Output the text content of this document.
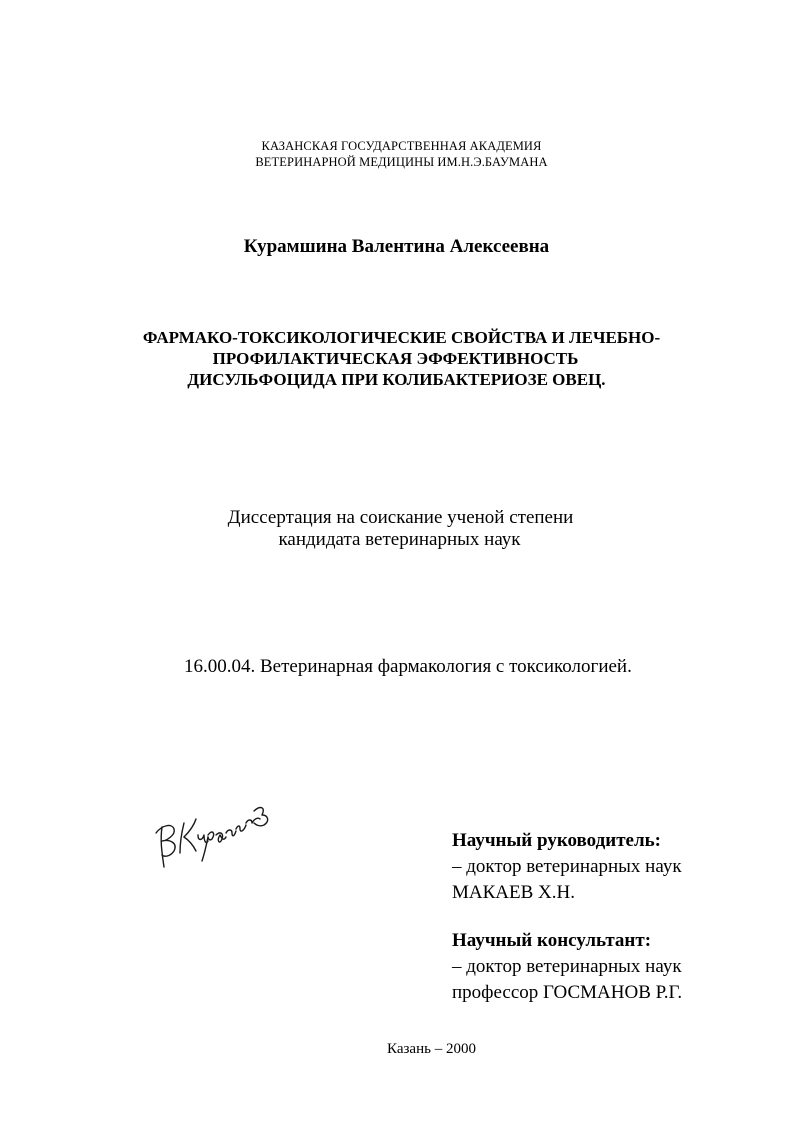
КАЗАНСКАЯ ГОСУДАРСТВЕННАЯ АКАДЕМИЯ
ВЕТЕРИНАРНОЙ МЕДИЦИНЫ ИМ.Н.Э.БАУМАНА
Курамшина Валентина Алексеевна
ФАРМАКО-ТОКСИКОЛОГИЧЕСКИЕ СВОЙСТВА И ЛЕЧЕБНО-
ПРОФИЛАКТИЧЕСКАЯ ЭФФЕКТИВНОСТЬ
ДИСУЛЬФОЦИДА ПРИ КОЛИБАКТЕРИОЗЕ ОВЕЦ.
Диссертация на соискание ученой степени
кандидата ветеринарных наук
16.00.04. Ветеринарная фармакология с токсикологией.
Научный руководитель:
– доктор ветеринарных наук
МАКАЕВ Х.Н.
Научный консультант:
– доктор ветеринарных наук
профессор ГОСМАНОВ Р.Г.
Казань – 2000
